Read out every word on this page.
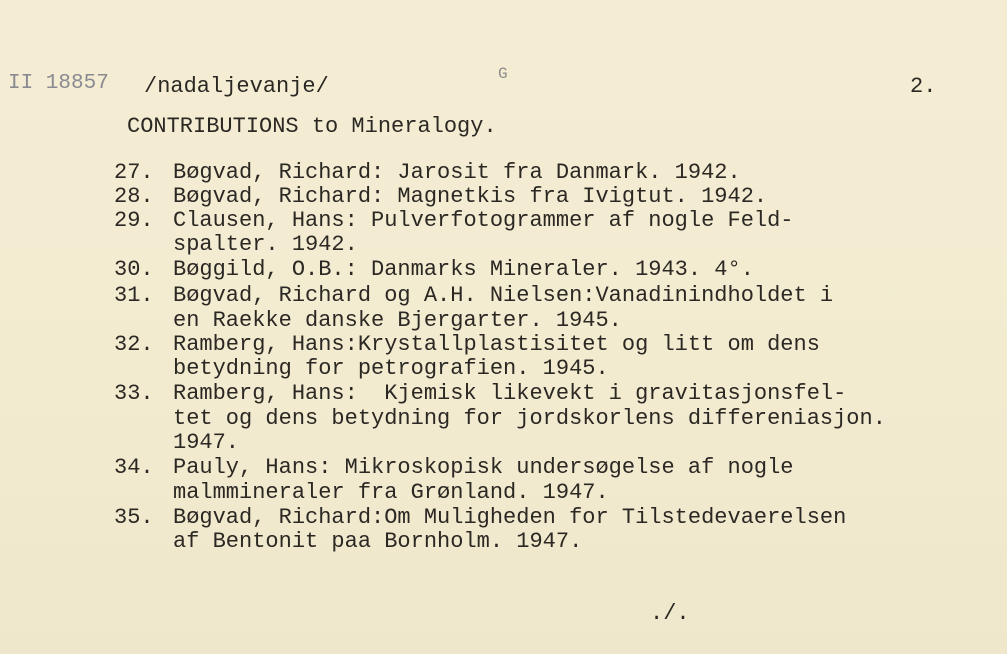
II 18857 /nadaljevanje/	G	2.
CONTRIBUTIONS to Mineralogy.
27. Bøgvad, Richard: Jarosit fra Danmark. 1942.
28. Bøgvad, Richard: Magnetkis fra Ivigtut. 1942.
29. Clausen, Hans: Pulverfotogrammer af nogle Feld-
spalter. 1942.
30. Bøggild, O.B.: Danmarks Mineraler. 1943. 4°.
31. Bøgvad, Richard og A.H. Nielsen:Vanadinindholdet i
en Raekke danske Bjergarter. 1945.
32. Ramberg, Hans:Krystallplastisitet og litt om dens
betydning for petrografien. 1945.
33. Ramberg, Hans:  Kjemisk likevekt i gravitasjonsfel-
tet og dens betydning for jordskorlens differeniasjon.
1947.
34. Pauly, Hans: Mikroskopisk undersøgelse af nogle
malmmineraler fra Grønland. 1947.
35. Bøgvad, Richard:Om Muligheden for Tilstedevaerelsen
af Bentonit paa Bornholm. 1947.
./.
